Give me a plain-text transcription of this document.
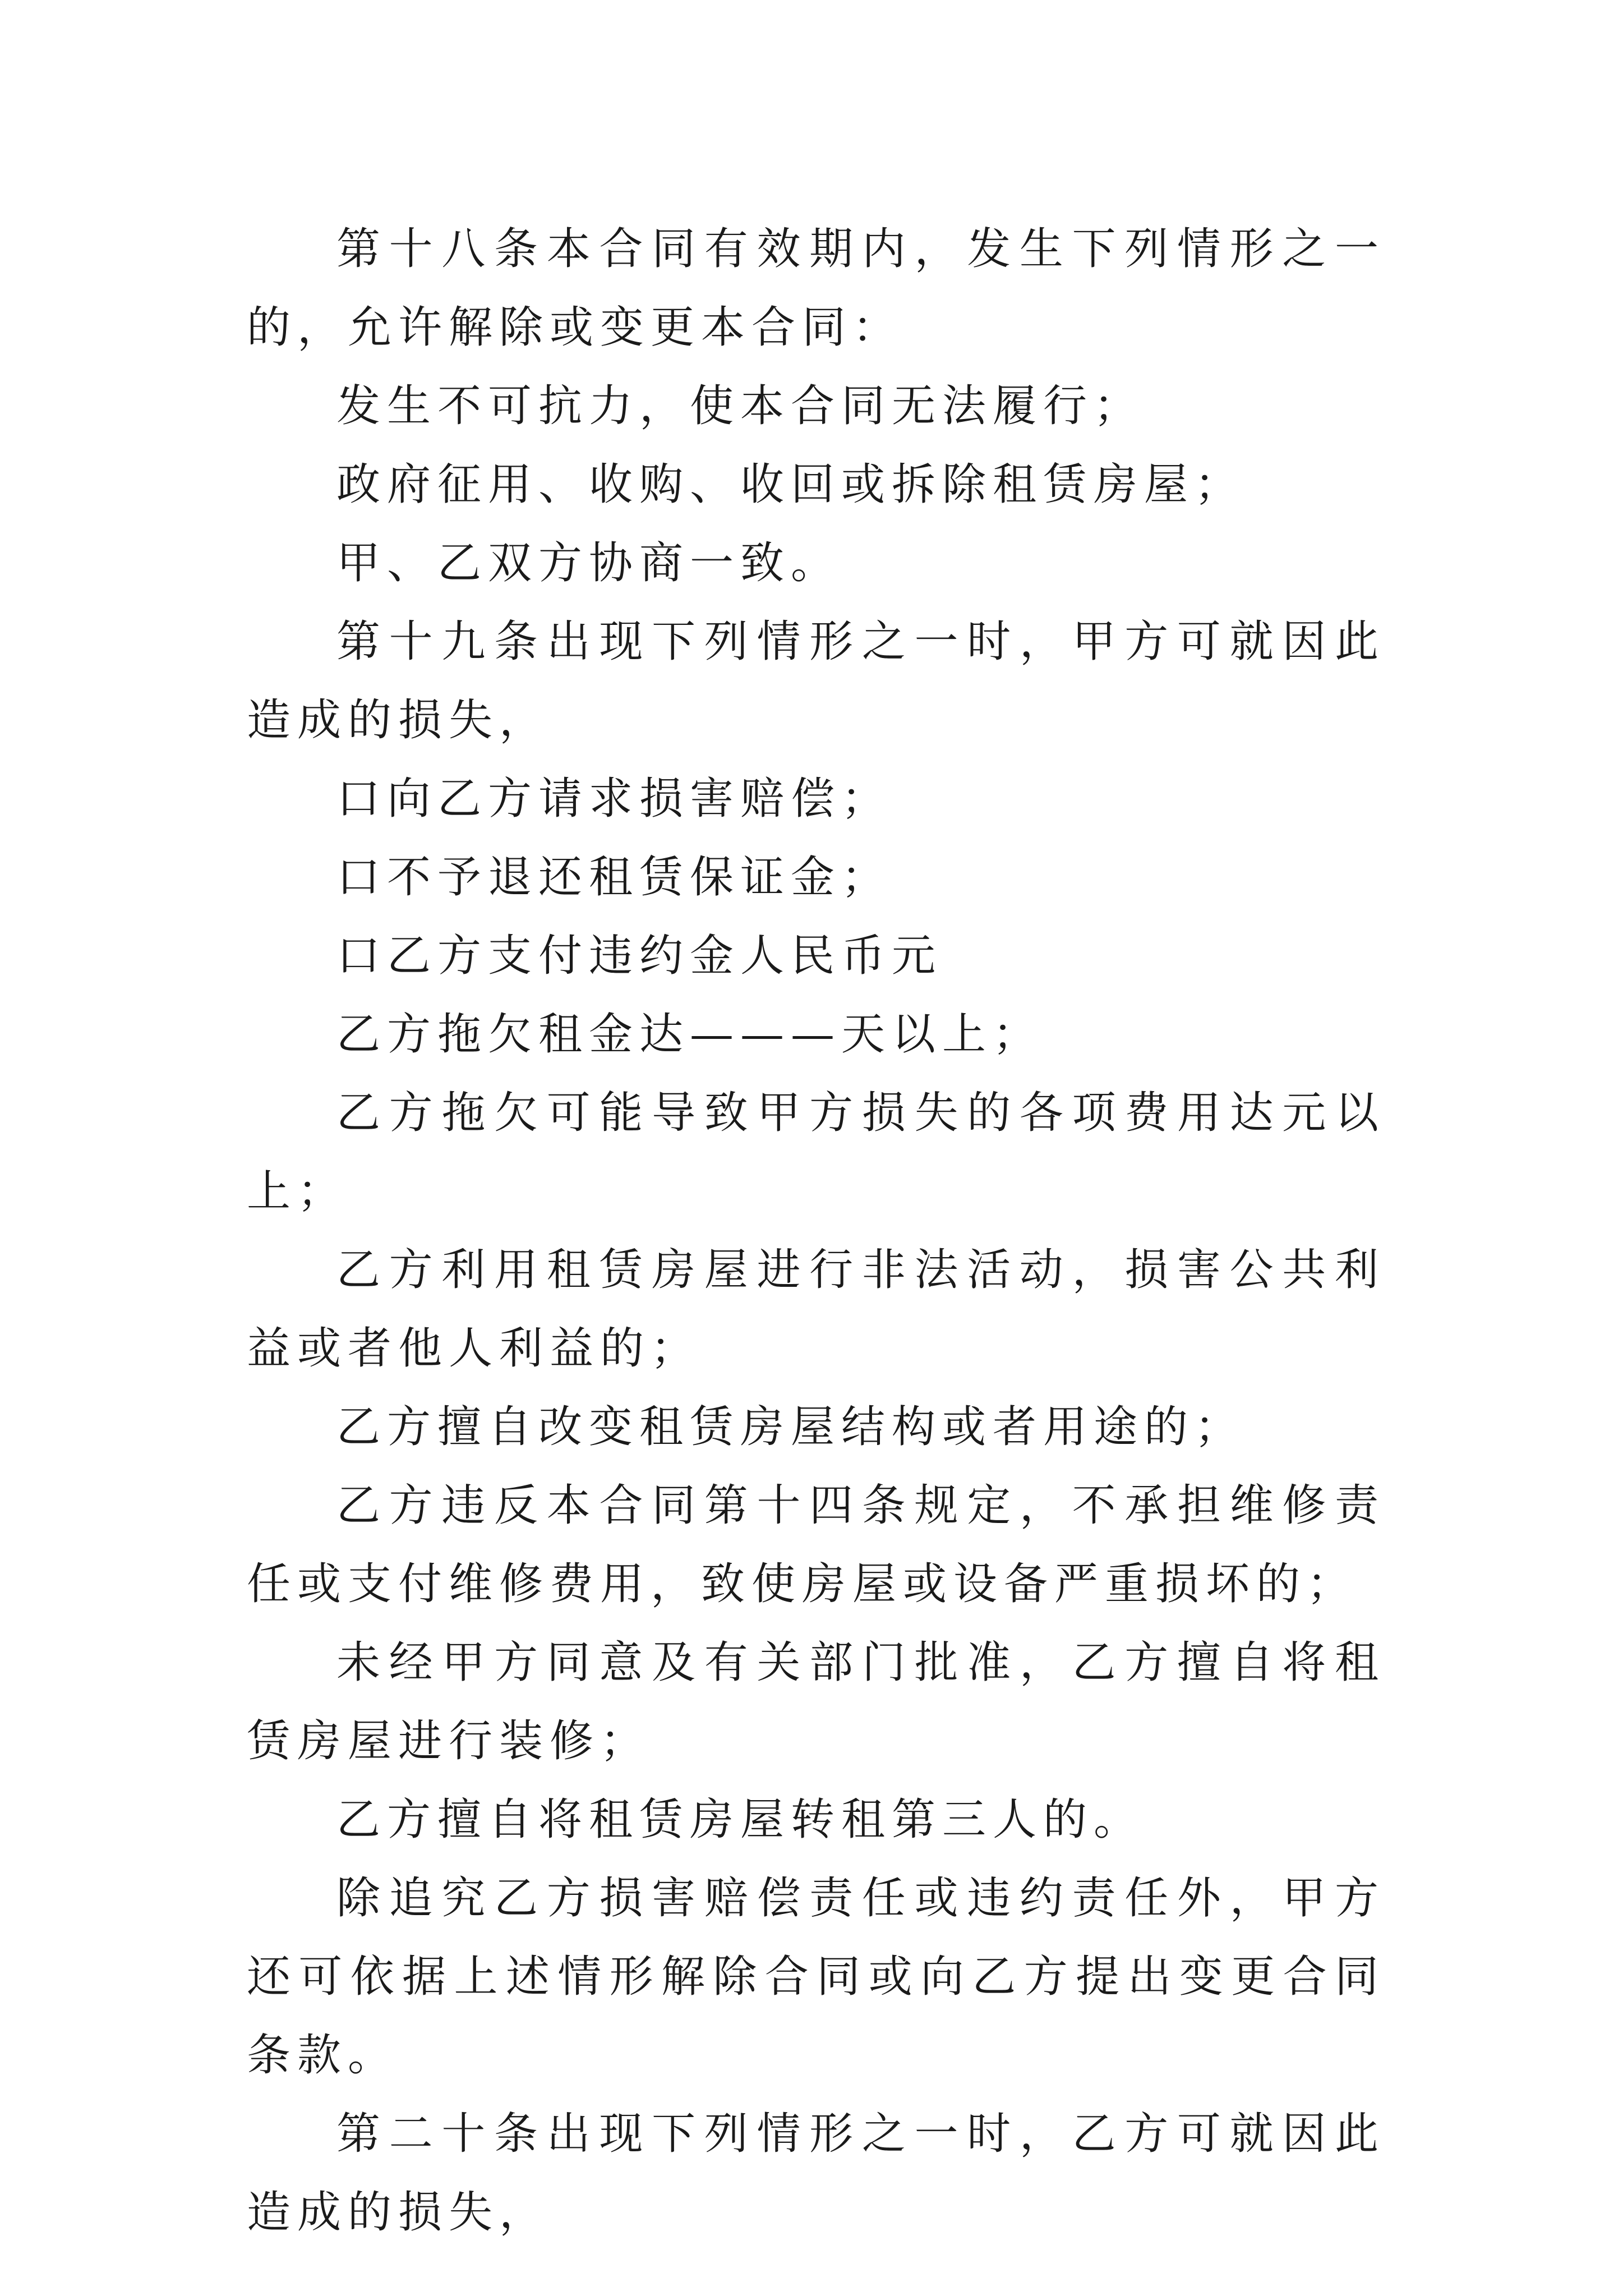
第十八条本合同有效期内，发生下列情形之一的，允许解除或变更本合同：

发生不可抗力，使本合同无法履行；

政府征用、收购、收回或拆除租赁房屋；

甲、乙双方协商一致。

第十九条出现下列情形之一时，甲方可就因此造成的损失，

口向乙方请求损害赔偿；

口不予退还租赁保证金；

口乙方支付违约金人民币元

乙方拖欠租金达———天以上；

乙方拖欠可能导致甲方损失的各项费用达元以上；

乙方利用租赁房屋进行非法活动，损害公共利益或者他人利益的；

乙方擅自改变租赁房屋结构或者用途的；

乙方违反本合同第十四条规定，不承担维修责任或支付维修费用，致使房屋或设备严重损坏的；

未经甲方同意及有关部门批准，乙方擅自将租赁房屋进行装修；

乙方擅自将租赁房屋转租第三人的。

除追究乙方损害赔偿责任或违约责任外，甲方还可依据上述情形解除合同或向乙方提出变更合同条款。

第二十条出现下列情形之一时，乙方可就因此造成的损失，
